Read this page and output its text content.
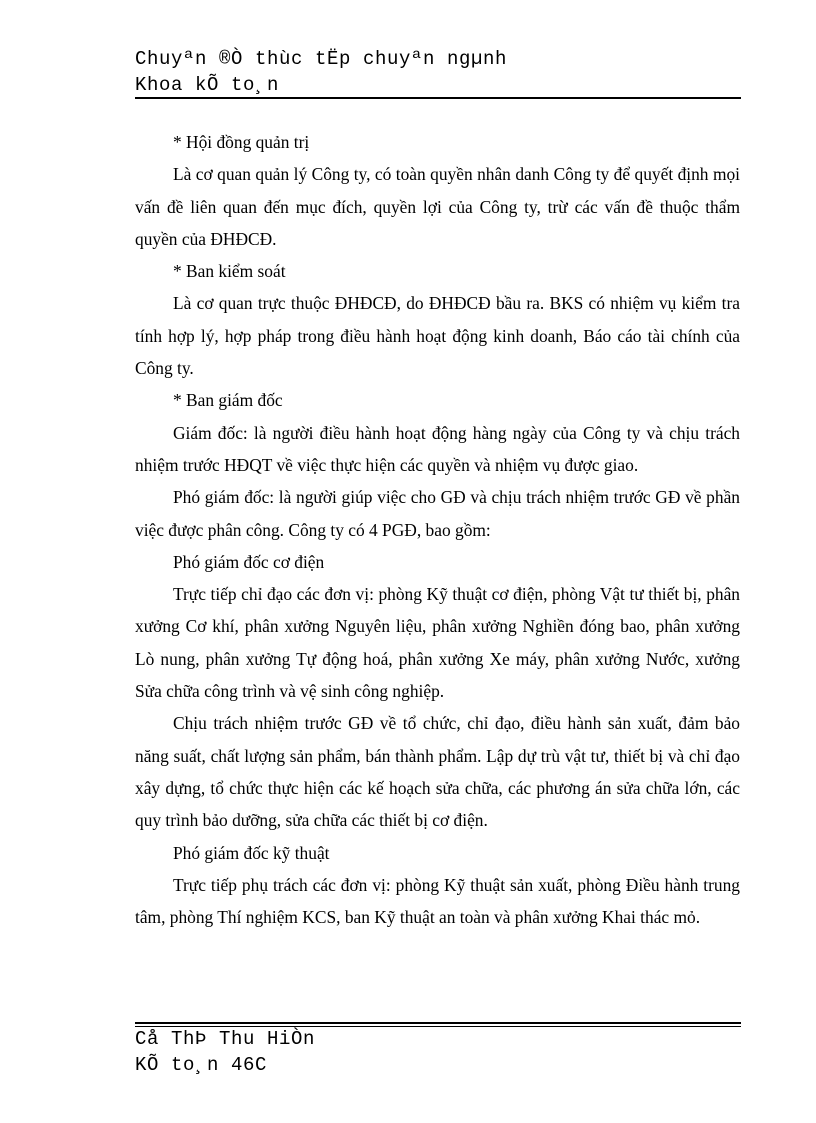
Chuyªn ®Ò thùc tËp chuyªn ngµnh
Khoa kÕ to¸n

* Hội đồng quản trị

Là cơ quan quản lý Công ty, có toàn quyền nhân danh Công ty để quyết định mọi vấn đề liên quan đến mục đích, quyền lợi của Công ty, trừ các vấn đề thuộc thẩm quyền của ĐHĐCĐ.

* Ban kiểm soát

Là cơ quan trực thuộc ĐHĐCĐ, do ĐHĐCĐ bầu ra. BKS có nhiệm vụ kiểm tra tính hợp lý, hợp pháp trong điều hành hoạt động kinh doanh, Báo cáo tài chính của Công ty.

* Ban giám đốc

Giám đốc: là người điều hành hoạt động hàng ngày của Công ty và chịu trách nhiệm trước HĐQT về việc thực hiện các quyền và nhiệm vụ được giao.

Phó giám đốc: là người giúp việc cho GĐ và chịu trách nhiệm trước GĐ về phần việc được phân công. Công ty có 4 PGĐ, bao gồm:

Phó giám đốc cơ điện

Trực tiếp chỉ đạo các đơn vị: phòng Kỹ thuật cơ điện, phòng Vật tư thiết bị, phân xưởng Cơ khí, phân xưởng Nguyên liệu, phân xưởng Nghiền đóng bao, phân xưởng Lò nung, phân xưởng Tự động hoá, phân xưởng Xe máy, phân xưởng Nước, xưởng Sửa chữa công trình và vệ sinh công nghiệp.

Chịu trách nhiệm trước GĐ về tổ chức, chỉ đạo, điều hành sản xuất, đảm bảo năng suất, chất lượng sản phẩm, bán thành phẩm. Lập dự trù vật tư, thiết bị và chỉ đạo xây dựng, tổ chức thực hiện các kế hoạch sửa chữa, các phương án sửa chữa lớn, các quy trình bảo dưỡng, sửa chữa các thiết bị cơ điện.

Phó giám đốc kỹ thuật

Trực tiếp phụ trách các đơn vị: phòng Kỹ thuật sản xuất, phòng Điều hành trung tâm, phòng Thí nghiệm KCS, ban Kỹ thuật an toàn và phân xưởng Khai thác mỏ.

Cå ThÞ Thu HiÒn
KÕ to¸n 46C
